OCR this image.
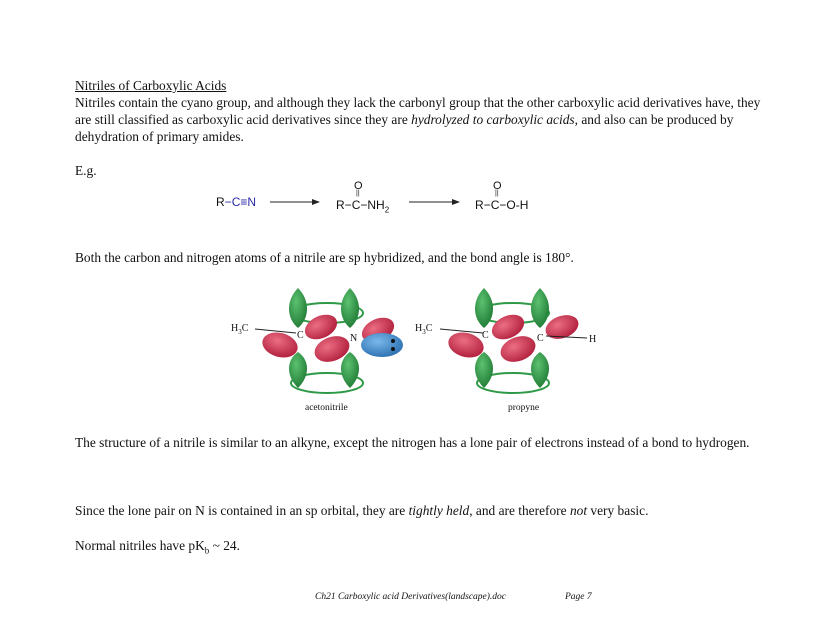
Nitriles of Carboxylic Acids
Nitriles contain the cyano group, and although they lack the carbonyl group that the other carboxylic acid derivatives have, they are still classified as carboxylic acid derivatives since they are hydrolyzed to carboxylic acids, and also can be produced by dehydration of primary amides.
E.g.
R−C≡N
O
||
$R-C-NH_2$
O
||
R−C−O-H
Both the carbon and nitrogen atoms of a nitrile are sp hybridized, and the bond angle is 180°.
$H_3C$
C	N
acetonitrile
$H_3C$
C	C	H
propyne
The structure of a nitrile is similar to an alkyne, except the nitrogen has a lone pair of electrons instead of a bond to hydrogen.
Since the lone pair on N is contained in an sp orbital, they are tightly held, and are therefore not very basic.
Normal nitriles have $pK_b$ ~ 24.
Ch21 Carboxylic acid Derivatives(landscape).doc	Page 7
